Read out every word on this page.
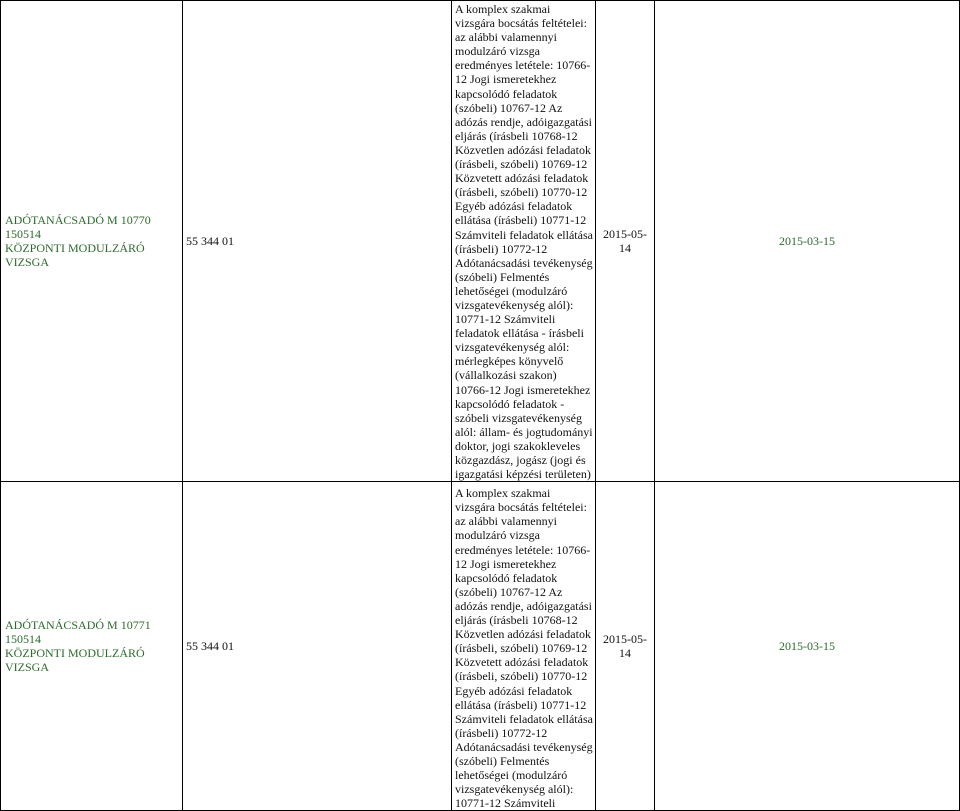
ADÓTANÁCSADÓ M 10770 150514
KÖZPONTI MODULZÁRÓ VIZSGA	55 344 01	A komplex szakmai vizsgára bocsátás feltételei: az alábbi valamennyi modulzáró vizsga eredményes letétele: 10766-12 Jogi ismeretekhez kapcsolódó feladatok (szóbeli) 10767-12 Az adózás rendje, adóigazgatási eljárás (írásbeli 10768-12 Közvetlen adózási feladatok (írásbeli, szóbeli) 10769-12 Közvetett adózási feladatok (írásbeli, szóbeli) 10770-12 Egyéb adózási feladatok ellátása (írásbeli) 10771-12 Számviteli feladatok ellátása (írásbeli) 10772-12 Adótanácsadási tevékenység (szóbeli) Felmentés lehetőségei (modulzáró vizsgatevékenység alól): 10771-12 Számviteli feladatok ellátása - írásbeli vizsgatevékenység alól: mérlegképes könyvelő (vállalkozási szakon) 10766-12 Jogi ismeretekhez kapcsolódó feladatok - szóbeli vizsgatevékenység alól: állam- és jogtudományi doktor, jogi szakokleveles közgazdász, jogász (jogi és igazgatási képzési területen)	2015-05-14	2015-03-15

ADÓTANÁCSADÓ M 10771 150514
KÖZPONTI MODULZÁRÓ VIZSGA	55 344 01	A komplex szakmai vizsgára bocsátás feltételei: az alábbi valamennyi modulzáró vizsga eredményes letétele: 10766-12 Jogi ismeretekhez kapcsolódó feladatok (szóbeli) 10767-12 Az adózás rendje, adóigazgatási eljárás (írásbeli 10768-12 Közvetlen adózási feladatok (írásbeli, szóbeli) 10769-12 Közvetett adózási feladatok (írásbeli, szóbeli) 10770-12 Egyéb adózási feladatok ellátása (írásbeli) 10771-12 Számviteli feladatok ellátása (írásbeli) 10772-12 Adótanácsadási tevékenység (szóbeli) Felmentés lehetőségei (modulzáró vizsgatevékenység alól): 10771-12 Számviteli	2015-05-14	2015-03-15
